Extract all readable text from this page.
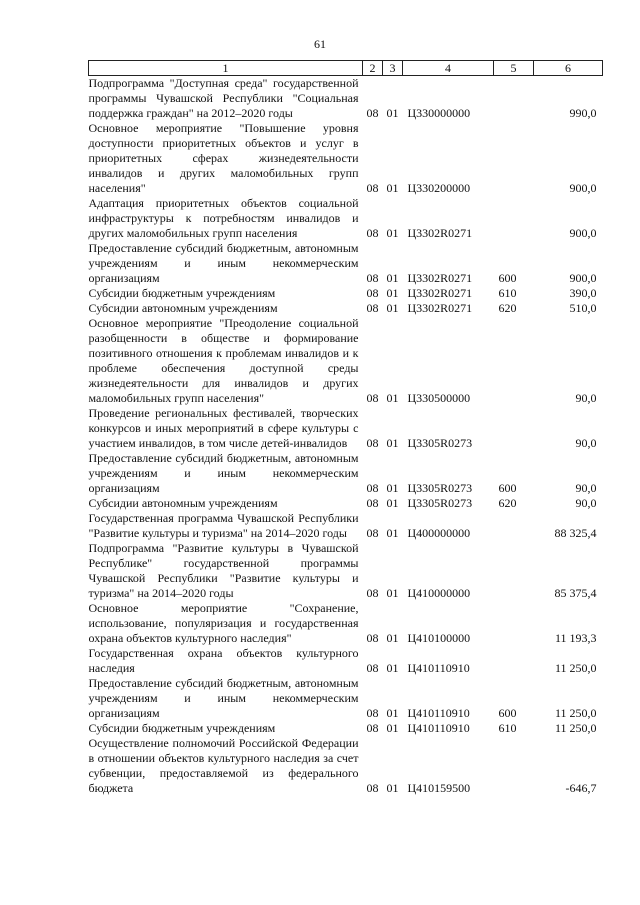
61
1	2	3	4	5	6
Подпрограмма "Доступная среда" государственной программы Чувашской Республики "Социальная поддержка граждан" на 2012–2020 годы	08	01	Ц330000000		990,0
Основное мероприятие "Повышение уровня доступности приоритетных объектов и услуг в приоритетных сферах жизнедеятельности инвалидов и других маломобильных групп населения"	08	01	Ц330200000		900,0
Адаптация приоритетных объектов социальной инфраструктуры к потребностям инвалидов и других маломобильных групп населения	08	01	Ц3302R0271		900,0
Предоставление субсидий бюджетным, автономным учреждениям и иным некоммерческим организациям	08	01	Ц3302R0271	600	900,0
Субсидии бюджетным учреждениям	08	01	Ц3302R0271	610	390,0
Субсидии автономным учреждениям	08	01	Ц3302R0271	620	510,0
Основное мероприятие "Преодоление социальной разобщенности в обществе и формирование позитивного отношения к проблемам инвалидов и к проблеме обеспечения доступной среды жизнедеятельности для инвалидов и других маломобильных групп населения"	08	01	Ц330500000		90,0
Проведение региональных фестивалей, творческих конкурсов и иных мероприятий в сфере культуры с участием инвалидов, в том числе детей-инвалидов	08	01	Ц3305R0273		90,0
Предоставление субсидий бюджетным, автономным учреждениям и иным некоммерческим организациям	08	01	Ц3305R0273	600	90,0
Субсидии автономным учреждениям	08	01	Ц3305R0273	620	90,0
Государственная программа Чувашской Республики "Развитие культуры и туризма" на 2014–2020 годы	08	01	Ц400000000		88 325,4
Подпрограмма "Развитие культуры в Чувашской Республике" государственной программы Чувашской Республики "Развитие культуры и туризма" на 2014–2020 годы	08	01	Ц410000000		85 375,4
Основное мероприятие "Сохранение, использование, популяризация и государственная охрана объектов культурного наследия"	08	01	Ц410100000		11 193,3
Государственная охрана объектов культурного наследия	08	01	Ц410110910		11 250,0
Предоставление субсидий бюджетным, автономным учреждениям и иным некоммерческим организациям	08	01	Ц410110910	600	11 250,0
Субсидии бюджетным учреждениям	08	01	Ц410110910	610	11 250,0
Осуществление полномочий Российской Федерации в отношении объектов культурного наследия за счет субвенции, предоставляемой из федерального бюджета	08	01	Ц410159500		-646,7
